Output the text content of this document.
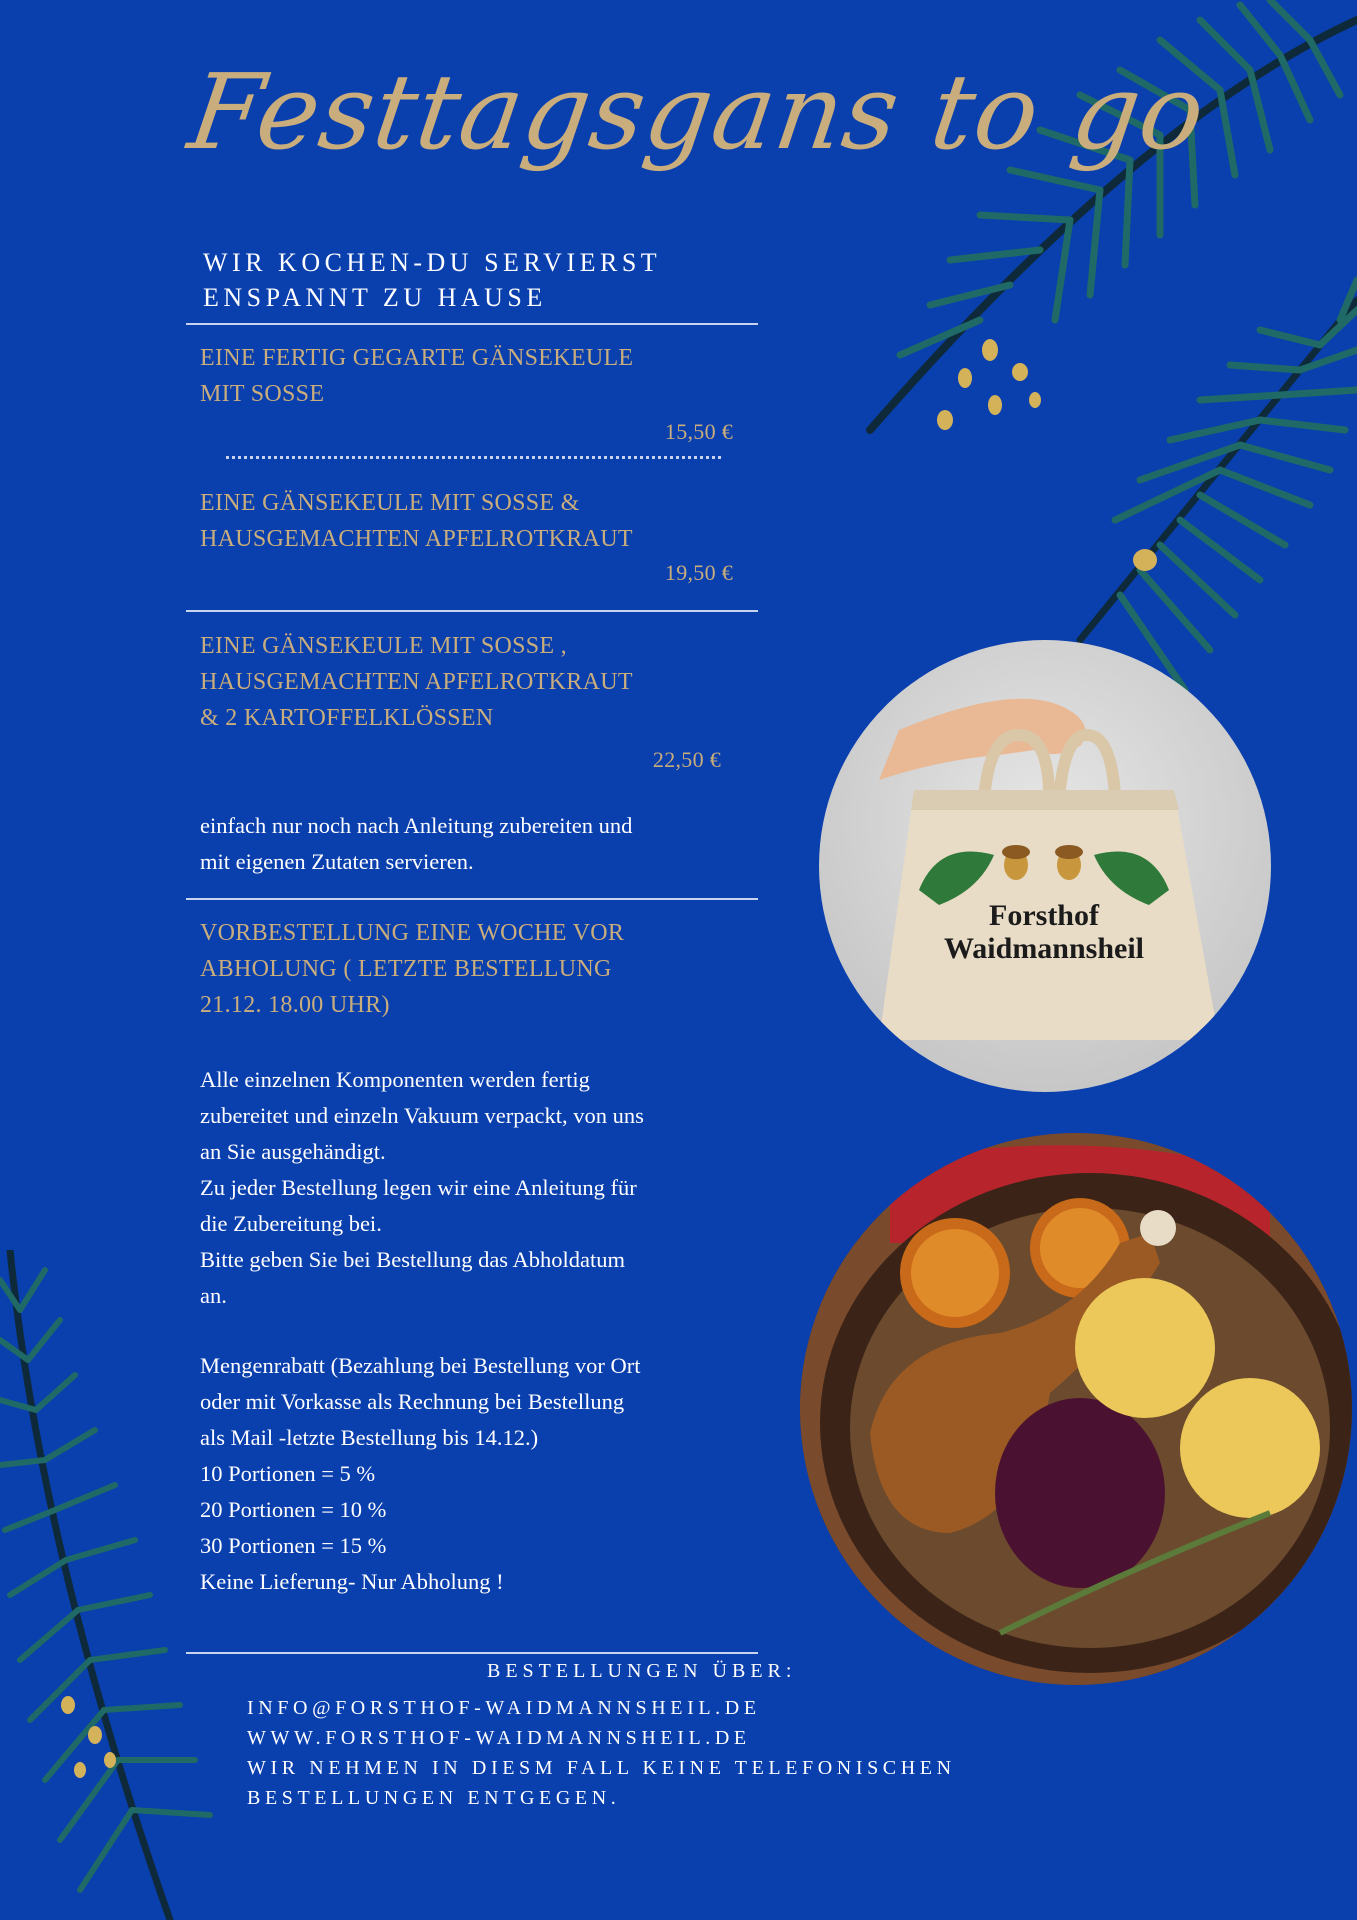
Festtagsgans to go
WIR KOCHEN-DU SERVIERST
ENSPANNT ZU HAUSE
EINE FERTIG GEGARTE GÄNSEKEULE
MIT SOSSE
15,50 €
EINE GÄNSEKEULE MIT SOSSE &
HAUSGEMACHTEN APFELROTKRAUT
19,50 €
EINE GÄNSEKEULE MIT SOSSE ,
HAUSGEMACHTEN APFELROTKRAUT
& 2 KARTOFFELKLÖSSEN
22,50 €
einfach nur noch nach Anleitung zubereiten und
mit eigenen Zutaten servieren.
VORBESTELLUNG EINE WOCHE VOR
ABHOLUNG ( LETZTE BESTELLUNG
21.12. 18.00 UHR)
Alle einzelnen Komponenten werden fertig
zubereitet und einzeln Vakuum verpackt, von uns
an Sie ausgehändigt.
Zu jeder Bestellung legen wir eine Anleitung für
die Zubereitung bei.
Bitte geben Sie bei Bestellung das Abholdatum
an.
Mengenrabatt (Bezahlung bei Bestellung vor Ort
oder mit Vorkasse als Rechnung bei Bestellung
als Mail -letzte Bestellung bis 14.12.)
10 Portionen = 5 %
20 Portionen = 10 %
30 Portionen = 15 %
Keine Lieferung- Nur Abholung !
BESTELLUNGEN ÜBER:
INFO@FORSTHOF-WAIDMANNSHEIL.DE
WWW.FORSTHOF-WAIDMANNSHEIL.DE
WIR NEHMEN IN DIESM FALL KEINE TELEFONISCHEN
BESTELLUNGEN ENTGEGEN.
Forsthof
Waidmannsheil
